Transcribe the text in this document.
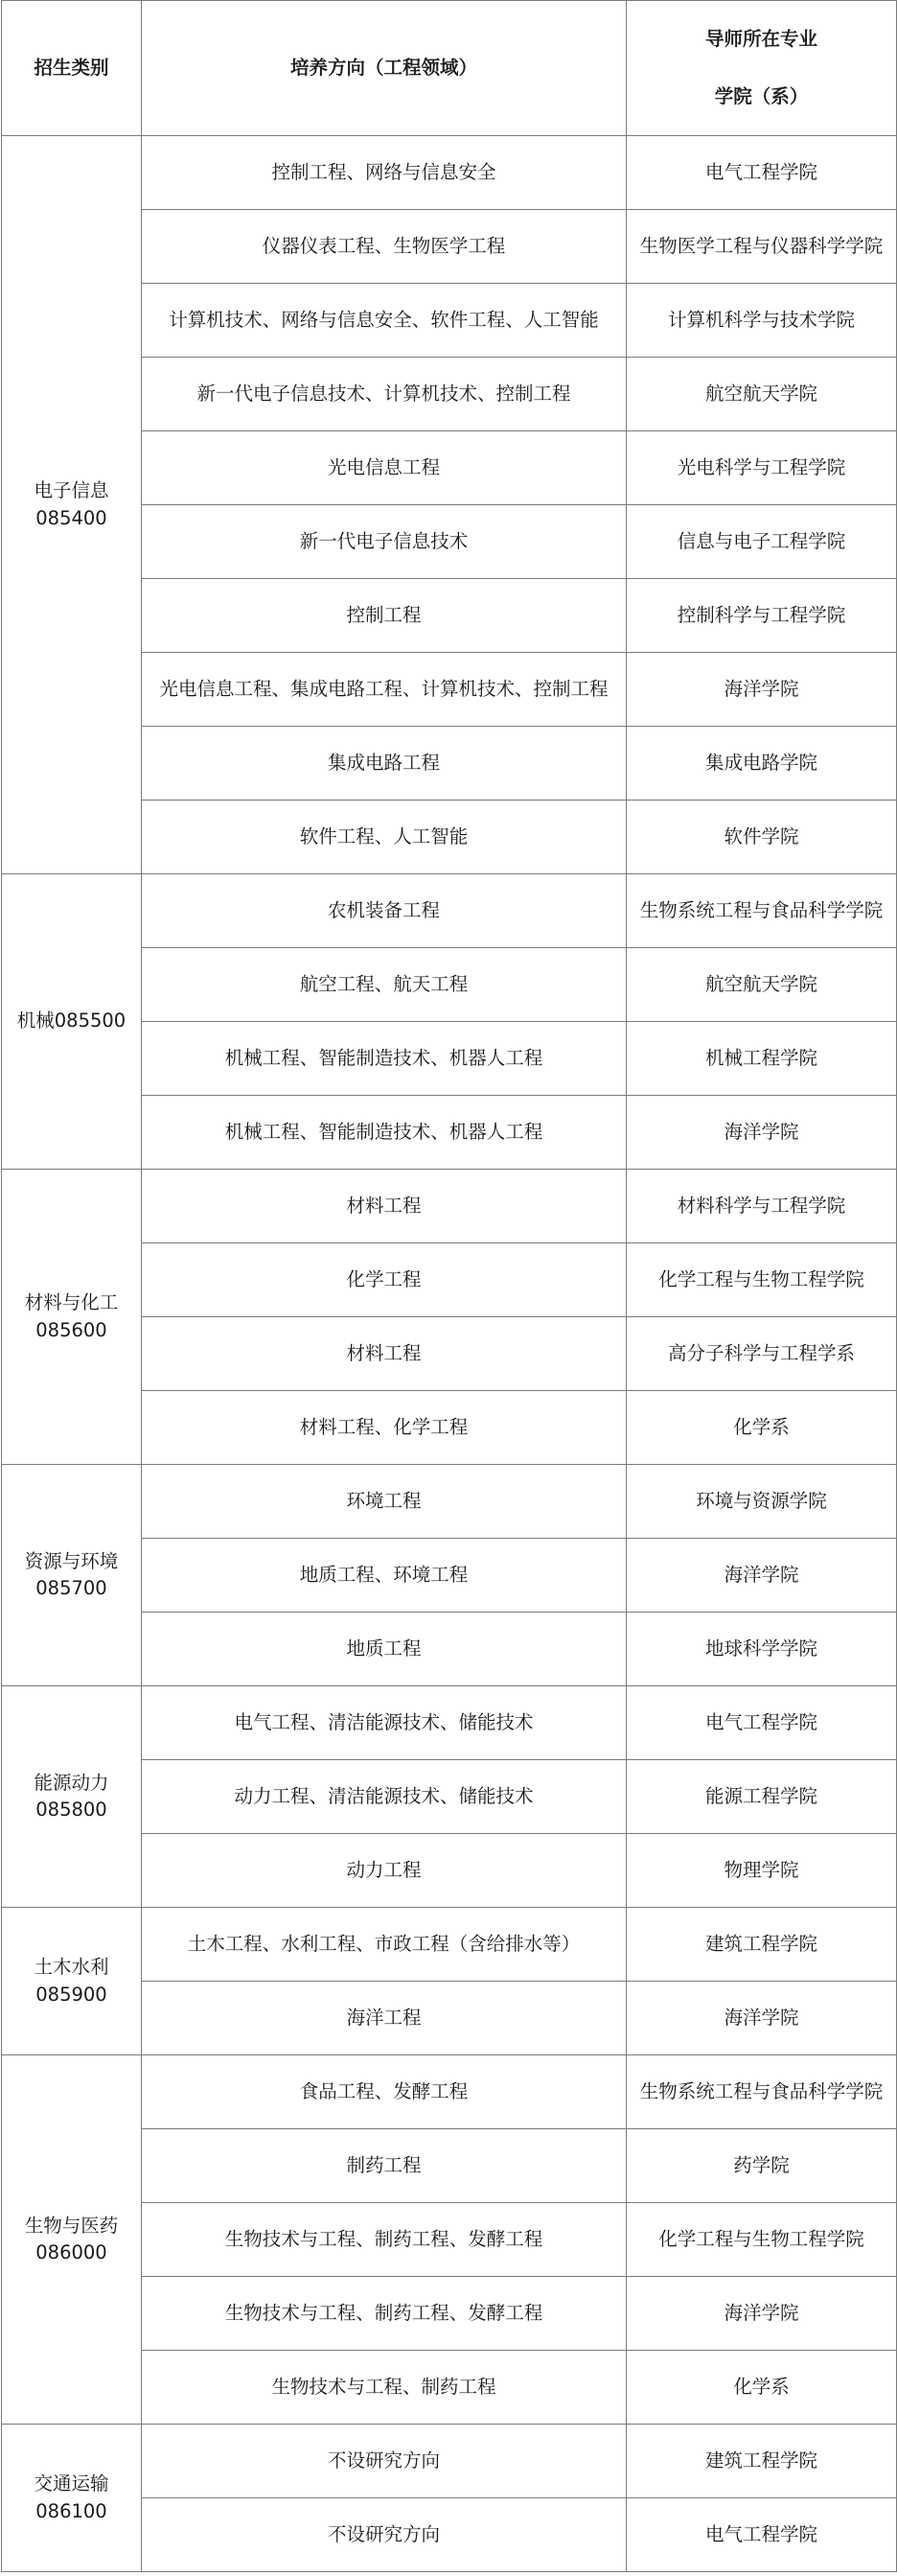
招生类别	培养方向（工程领域）	导师所在专业
学院（系）

电子信息
085400	控制工程、网络与信息安全	电气工程学院
	仪器仪表工程、生物医学工程	生物医学工程与仪器科学学院
	计算机技术、网络与信息安全、软件工程、人工智能	计算机科学与技术学院
	新一代电子信息技术、计算机技术、控制工程	航空航天学院
	光电信息工程	光电科学与工程学院
	新一代电子信息技术	信息与电子工程学院
	控制工程	控制科学与工程学院
	光电信息工程、集成电路工程、计算机技术、控制工程	海洋学院
	集成电路工程	集成电路学院
	软件工程、人工智能	软件学院

机械085500	农机装备工程	生物系统工程与食品科学学院
	航空工程、航天工程	航空航天学院
	机械工程、智能制造技术、机器人工程	机械工程学院
	机械工程、智能制造技术、机器人工程	海洋学院

材料与化工
085600	材料工程	材料科学与工程学院
	化学工程	化学工程与生物工程学院
	材料工程	高分子科学与工程学系
	材料工程、化学工程	化学系

资源与环境
085700	环境工程	环境与资源学院
	地质工程、环境工程	海洋学院
	地质工程	地球科学学院

能源动力
085800	电气工程、清洁能源技术、储能技术	电气工程学院
	动力工程、清洁能源技术、储能技术	能源工程学院
	动力工程	物理学院

土木水利
085900	土木工程、水利工程、市政工程（含给排水等）	建筑工程学院
	海洋工程	海洋学院

生物与医药
086000	食品工程、发酵工程	生物系统工程与食品科学学院
	制药工程	药学院
	生物技术与工程、制药工程、发酵工程	化学工程与生物工程学院
	生物技术与工程、制药工程、发酵工程	海洋学院
	生物技术与工程、制药工程	化学系

交通运输
086100	不设研究方向	建筑工程学院
	不设研究方向	电气工程学院
